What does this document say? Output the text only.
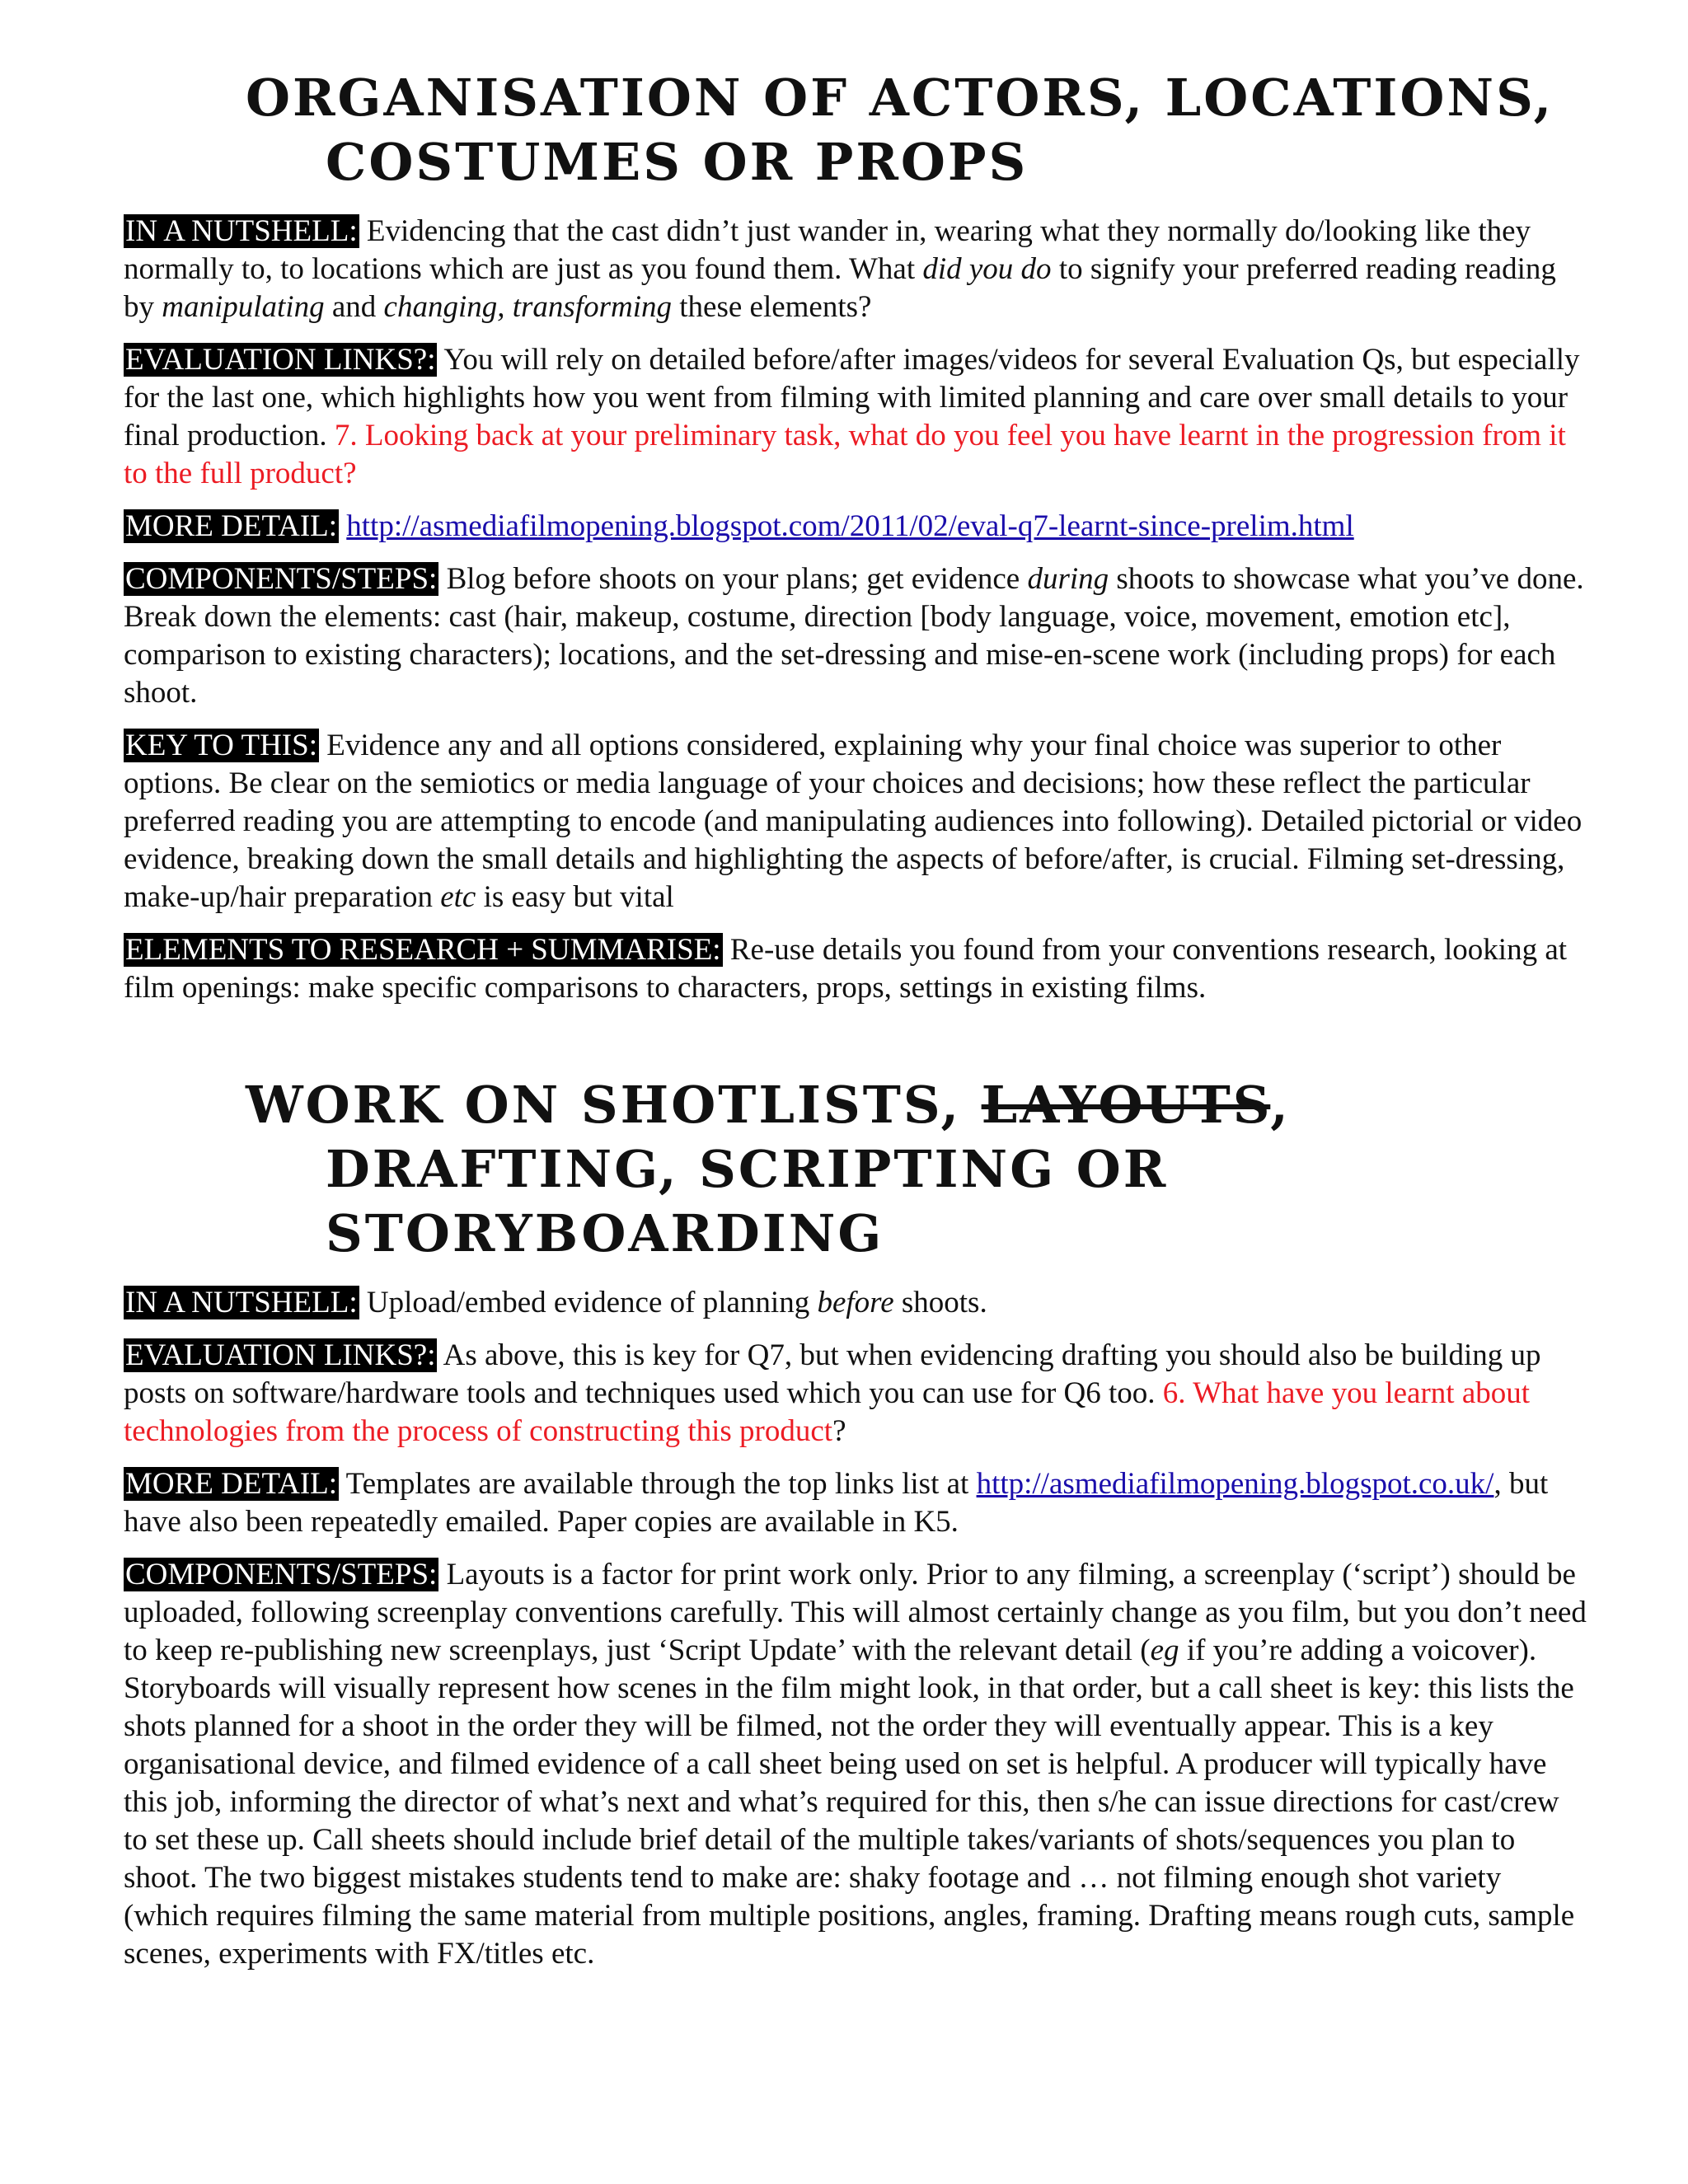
ORGANISATION OF ACTORS, LOCATIONS,
COSTUMES OR PROPS

IN A NUTSHELL: Evidencing that the cast didn’t just wander in, wearing what they normally do/looking like they normally to, to locations which are just as you found them. What did you do to signify your preferred reading reading by manipulating and changing, transforming these elements?

EVALUATION LINKS?: You will rely on detailed before/after images/videos for several Evaluation Qs, but especially for the last one, which highlights how you went from filming with limited planning and care over small details to your final production. 7. Looking back at your preliminary task, what do you feel you have learnt in the progression from it to the full product?

MORE DETAIL: http://asmediafilmopening.blogspot.com/2011/02/eval-q7-learnt-since-prelim.html

COMPONENTS/STEPS: Blog before shoots on your plans; get evidence during shoots to showcase what you’ve done. Break down the elements: cast (hair, makeup, costume, direction [body language, voice, movement, emotion etc], comparison to existing characters); locations, and the set-dressing and mise-en-scene work (including props) for each shoot.

KEY TO THIS: Evidence any and all options considered, explaining why your final choice was superior to other options. Be clear on the semiotics or media language of your choices and decisions; how these reflect the particular preferred reading you are attempting to encode (and manipulating audiences into following). Detailed pictorial or video evidence, breaking down the small details and highlighting the aspects of before/after, is crucial. Filming set-dressing, make-up/hair preparation etc is easy but vital

ELEMENTS TO RESEARCH + SUMMARISE: Re-use details you found from your conventions research, looking at film openings: make specific comparisons to characters, props, settings in existing films.

WORK ON SHOTLISTS, LAYOUTS,
DRAFTING, SCRIPTING OR
STORYBOARDING

IN A NUTSHELL: Upload/embed evidence of planning before shoots.

EVALUATION LINKS?: As above, this is key for Q7, but when evidencing drafting you should also be building up posts on software/hardware tools and techniques used which you can use for Q6 too. 6. What have you learnt about technologies from the process of constructing this product?

MORE DETAIL: Templates are available through the top links list at http://asmediafilmopening.blogspot.co.uk/, but have also been repeatedly emailed. Paper copies are available in K5.

COMPONENTS/STEPS: Layouts is a factor for print work only. Prior to any filming, a screenplay (‘script’) should be uploaded, following screenplay conventions carefully. This will almost certainly change as you film, but you don’t need to keep re-publishing new screenplays, just ‘Script Update’ with the relevant detail (eg if you’re adding a voicover). Storyboards will visually represent how scenes in the film might look, in that order, but a call sheet is key: this lists the shots planned for a shoot in the order they will be filmed, not the order they will eventually appear. This is a key organisational device, and filmed evidence of a call sheet being used on set is helpful. A producer will typically have this job, informing the director of what’s next and what’s required for this, then s/he can issue directions for cast/crew to set these up. Call sheets should include brief detail of the multiple takes/variants of shots/sequences you plan to shoot. The two biggest mistakes students tend to make are: shaky footage and … not filming enough shot variety (which requires filming the same material from multiple positions, angles, framing. Drafting means rough cuts, sample scenes, experiments with FX/titles etc.
